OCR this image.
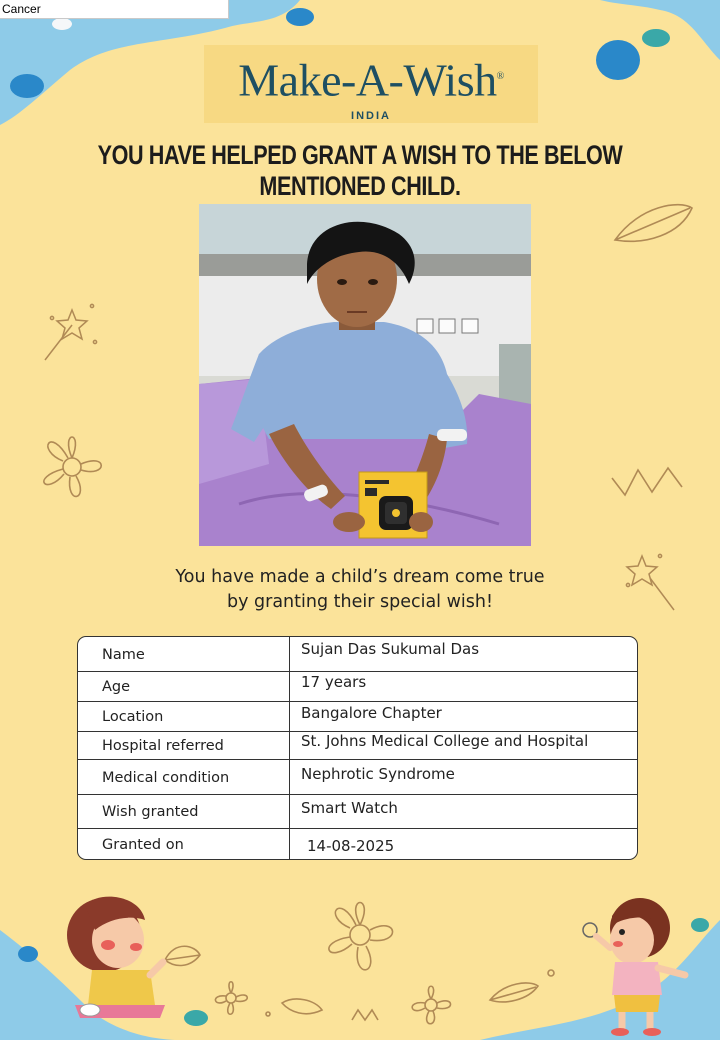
Cancer
Make-A-Wish®
INDIA
YOU HAVE HELPED GRANT A WISH TO THE BELOW MENTIONED CHILD.
You have made a child’s dream come true
by granting their special wish!
Name	Sujan Das Sukumal Das
Age	17 years
Location	Bangalore Chapter
Hospital referred	St. Johns Medical College and Hospital
Medical condition	Nephrotic Syndrome
Wish granted	Smart Watch
Granted on	14-08-2025
